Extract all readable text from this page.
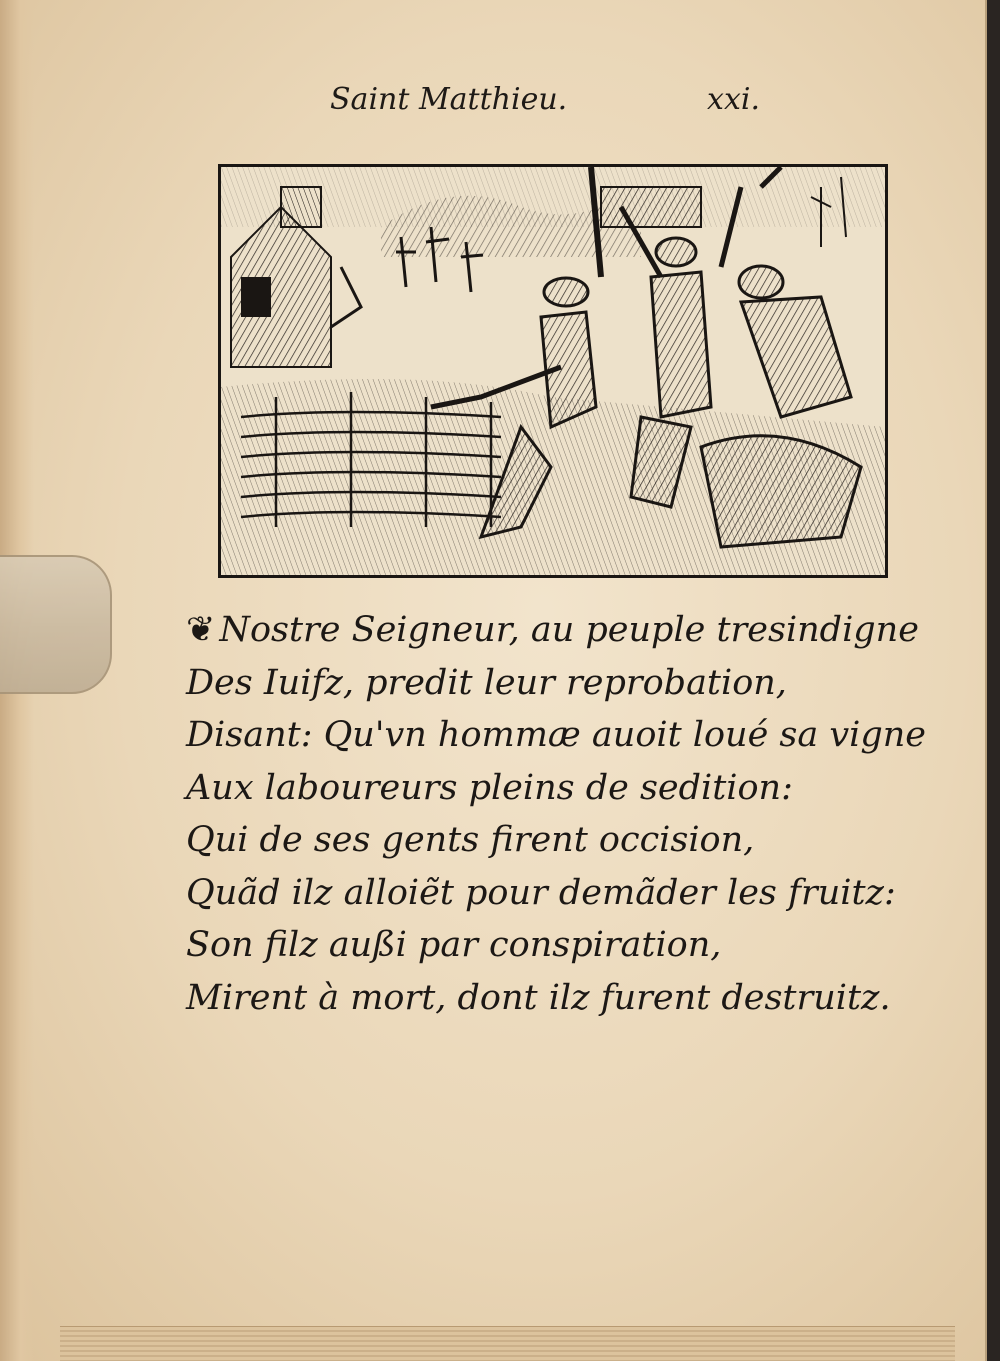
Saint Matthieu.	xxi.
❦ Nostre Seigneur, au peuple tresindigne
Des Iuifz, predit leur reprobation,
Disant: Qu'vn hommæ auoit loué sa vigne
Aux laboureurs pleins de sedition:
Qui de ses gents firent occision,
Quãd ilz alloiẽt pour demãder les fruitz:
Son filz außi par conspiration,
Mirent à mort, dont ilz furent destruitz.
